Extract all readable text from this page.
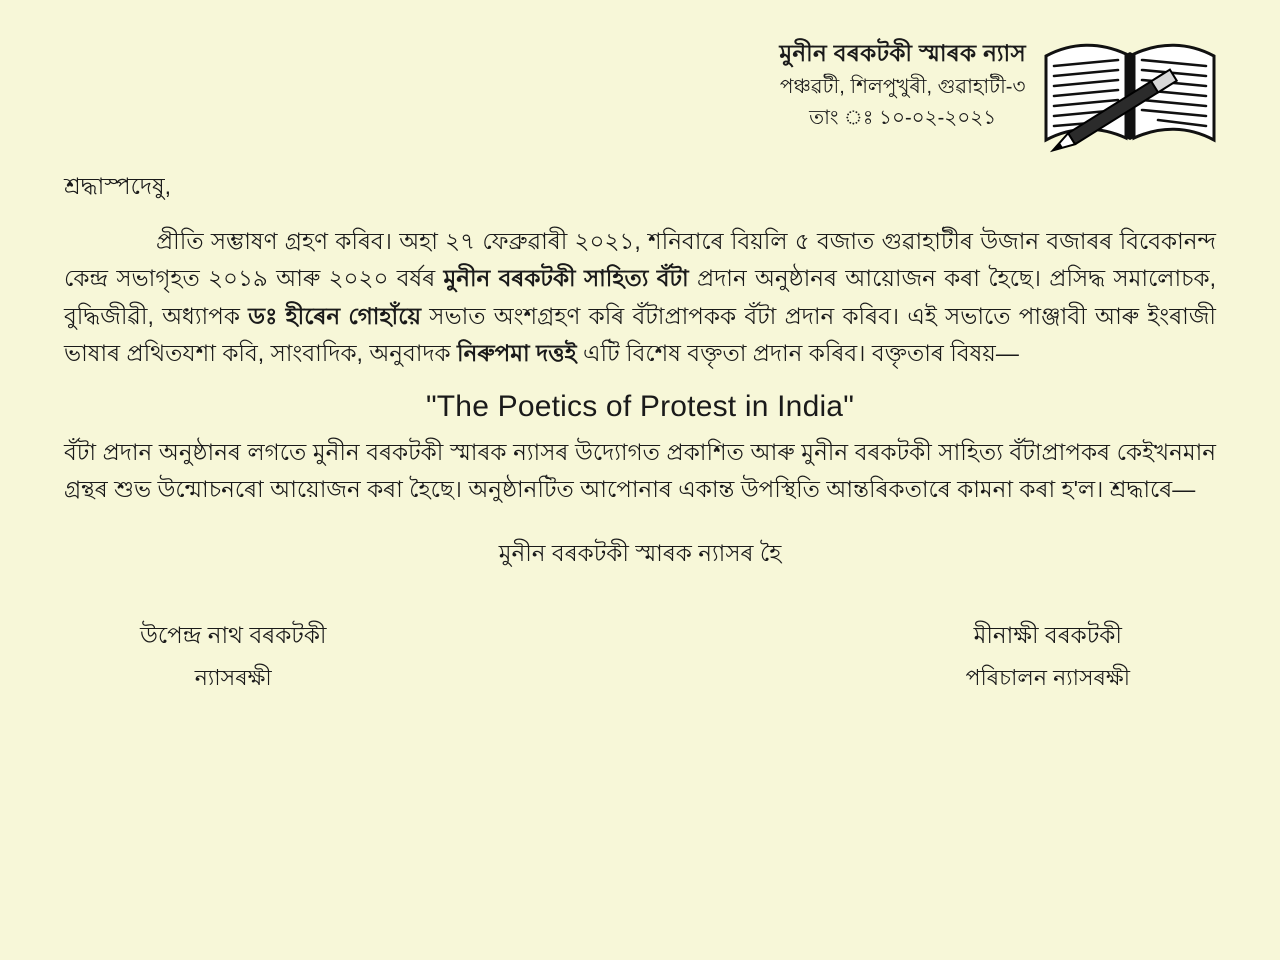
মুনীন বৰকটকী স্মাৰক ন্যাস
পঞ্চৱটী, শিলপুখুৰী, গুৱাহাটী-৩
তাং ঃ ১০-০২-২০২১
শ্ৰদ্ধাস্পদেষু,
প্ৰীতি সম্ভাষণ গ্ৰহণ কৰিব। অহা ২৭ ফেব্ৰুৱাৰী ২০২১, শনিবাৰে বিয়লি ৫ বজাত গুৱাহাটীৰ উজান বজাৰৰ বিবেকানন্দ কেন্দ্ৰ সভাগৃহত ২০১৯ আৰু ২০২০ বৰ্ষৰ মুনীন বৰকটকী সাহিত্য বঁটা প্ৰদান অনুষ্ঠানৰ আয়োজন কৰা হৈছে। প্ৰসিদ্ধ সমালোচক, বুদ্ধিজীৱী, অধ্যাপক ডঃ হীৰেন গোহাঁয়ে সভাত অংশগ্ৰহণ কৰি বঁটাপ্ৰাপকক বঁটা প্ৰদান কৰিব। এই সভাতে পাঞ্জাবী আৰু ইংৰাজী ভাষাৰ প্ৰথিতযশা কবি, সাংবাদিক, অনুবাদক নিৰুপমা দত্তই এটি বিশেষ বক্তৃতা প্ৰদান কৰিব। বক্তৃতাৰ বিষয়—
"The Poetics of Protest in India"
বঁটা প্ৰদান অনুষ্ঠানৰ লগতে মুনীন বৰকটকী স্মাৰক ন্যাসৰ উদ্যোগত প্ৰকাশিত আৰু মুনীন বৰকটকী সাহিত্য বঁটাপ্ৰাপকৰ কেইখনমান গ্ৰন্থৰ শুভ উন্মোচনৰো আয়োজন কৰা হৈছে। অনুষ্ঠানটিত আপোনাৰ একান্ত উপস্থিতি আন্তৰিকতাৰে কামনা কৰা হ'ল। শ্ৰদ্ধাৰে—
মুনীন বৰকটকী স্মাৰক ন্যাসৰ হৈ
উপেন্দ্ৰ নাথ বৰকটকী
ন্যাসৰক্ষী
মীনাক্ষী বৰকটকী
পৰিচালন ন্যাসৰক্ষী
